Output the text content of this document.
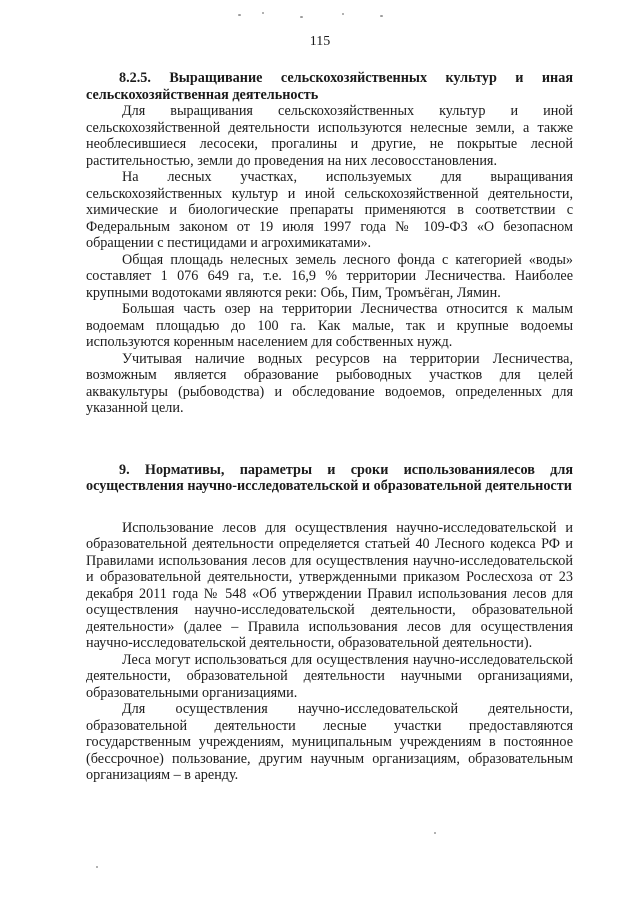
115

8.2.5. Выращивание сельскохозяйственных культур и иная сельскохозяйственная деятельность

Для выращивания сельскохозяйственных культур и иной сельскохозяйственной деятельности используются нелесные земли, а также необлесившиеся лесосеки, прогалины и другие, не покрытые лесной растительностью, земли до проведения на них лесовосстановления.

На лесных участках, используемых для выращивания сельскохозяйственных культур и иной сельскохозяйственной деятельности, химические и биологические препараты применяются в соответствии с Федеральным законом от 19 июля 1997 года № 109-ФЗ «О безопасном обращении с пестицидами и агрохимикатами».

Общая площадь нелесных земель лесного фонда с категорией «воды» составляет 1 076 649 га, т.е. 16,9 % территории Лесничества. Наиболее крупными водотоками являются реки: Обь, Пим, Тромъёган, Лямин.

Большая часть озер на территории Лесничества относится к малым водоемам площадью до 100 га. Как малые, так и крупные водоемы используются коренным населением для собственных нужд.

Учитывая наличие водных ресурсов на территории Лесничества, возможным является образование рыбоводных участков для целей аквакультуры (рыбоводства) и обследование водоемов, определенных для указанной цели.

9. Нормативы, параметры и сроки использованиялесов для осуществления научно-исследовательской и образовательной деятельности

Использование лесов для осуществления научно-исследовательской и образовательной деятельности определяется статьей 40 Лесного кодекса РФ и Правилами использования лесов для осуществления научно-исследовательской и образовательной деятельности, утвержденными приказом Рослесхоза от 23 декабря 2011 года № 548 «Об утверждении Правил использования лесов для осуществления научно-исследовательской деятельности, образовательной деятельности» (далее – Правила использования лесов для осуществления научно-исследовательской деятельности, образовательной деятельности).

Леса могут использоваться для осуществления научно-исследовательской деятельности, образовательной деятельности научными организациями, образовательными организациями.

Для осуществления научно-исследовательской деятельности, образовательной деятельности лесные участки предоставляются государственным учреждениям, муниципальным учреждениям в постоянное (бессрочное) пользование, другим научным организациям, образовательным организациям – в аренду.
